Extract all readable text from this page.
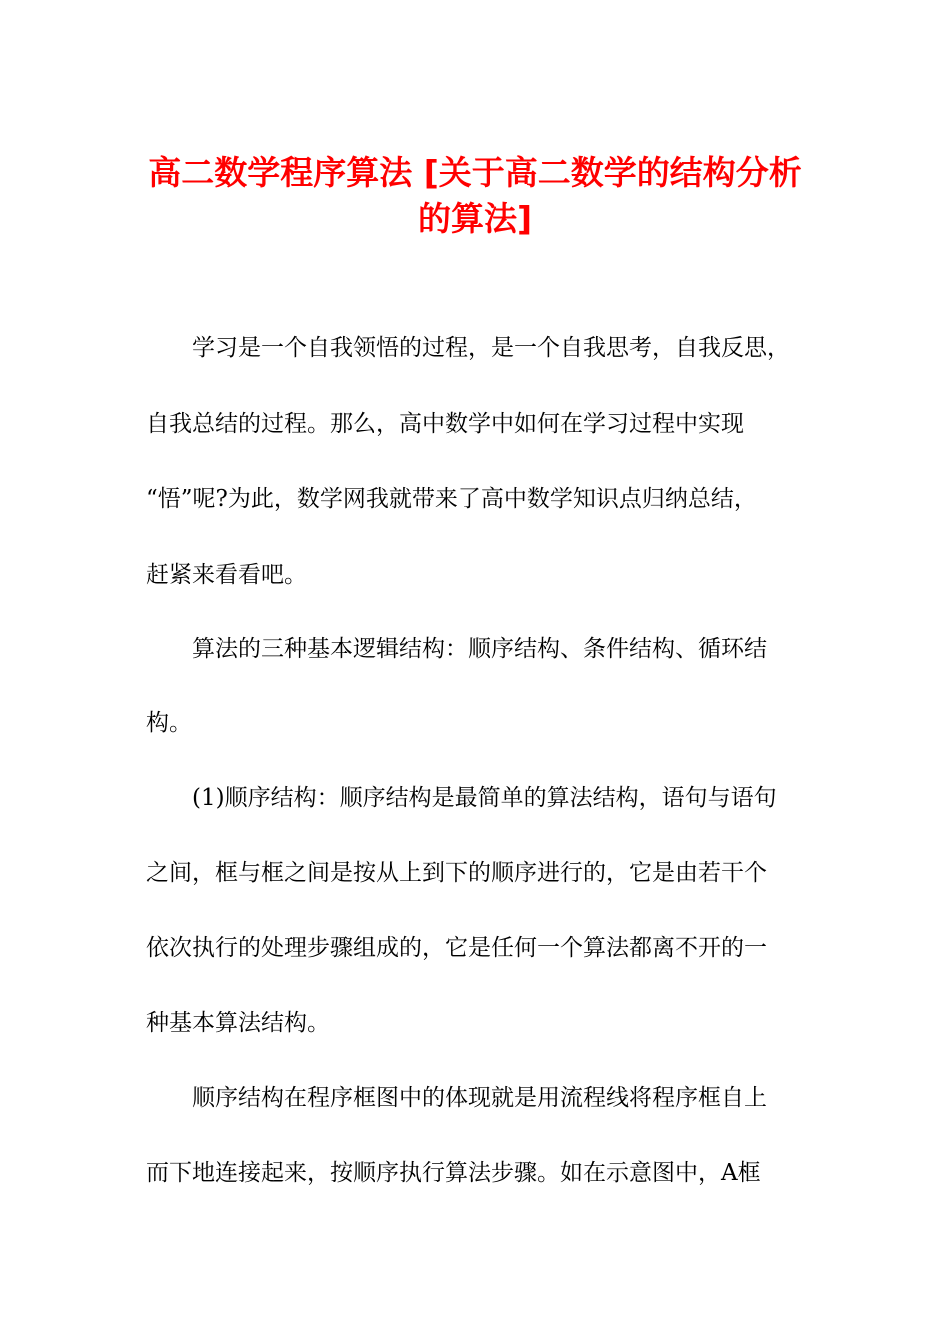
高二数学程序算法 [关于高二数学的结构分析
的算法]
学习是一个自我领悟的过程，是一个自我思考，自我反思，
自我总结的过程。那么，高中数学中如何在学习过程中实现
“悟”呢?为此，数学网我就带来了高中数学知识点归纳总结，
赶紧来看看吧。
算法的三种基本逻辑结构：顺序结构、条件结构、循环结
构。
(1)顺序结构：顺序结构是最简单的算法结构，语句与语句
之间，框与框之间是按从上到下的顺序进行的，它是由若干个
依次执行的处理步骤组成的，它是任何一个算法都离不开的一
种基本算法结构。
顺序结构在程序框图中的体现就是用流程线将程序框自上
而下地连接起来，按顺序执行算法步骤。如在示意图中，A框
